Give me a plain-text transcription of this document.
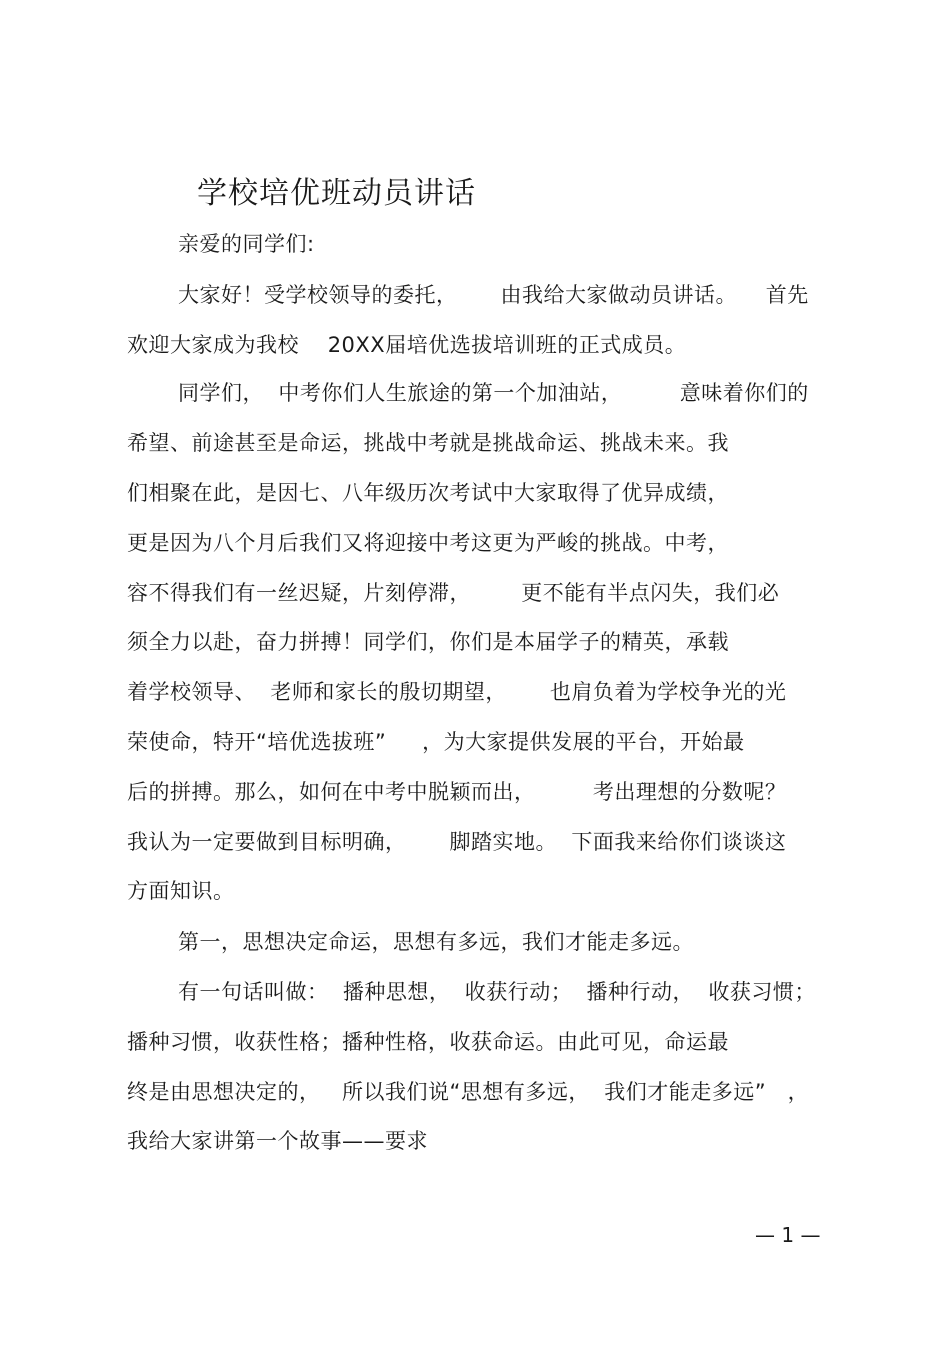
学校培优班动员讲话
亲爱的同学们:
大家好！受学校领导的委托，      由我给大家做动员讲话。    首先
欢迎大家成为我校    20XX届培优选拔培训班的正式成员。
同学们，  中考你们人生旅途的第一个加油站，        意味着你们的
希望、前途甚至是命运，挑战中考就是挑战命运、挑战未来。我
们相聚在此，是因七、八年级历次考试中大家取得了优异成绩，
更是因为八个月后我们又将迎接中考这更为严峻的挑战。中考，
容不得我们有一丝迟疑，片刻停滞，       更不能有半点闪失，我们必
须全力以赴，奋力拼搏！同学们，你们是本届学子的精英，承载
着学校领导、  老师和家长的殷切期望，      也肩负着为学校争光的光
荣使命，特开“培优选拔班”     ，为大家提供发展的平台，开始最
后的拼搏。那么，如何在中考中脱颖而出，        考出理想的分数呢？
我认为一定要做到目标明确，      脚踏实地。  下面我来给你们谈谈这
方面知识。
第一，思想决定命运，思想有多远，我们才能走多远。
有一句话叫做：  播种思想，  收获行动；  播种行动，  收获习惯；
播种习惯，收获性格；播种性格，收获命运。由此可见，命运最
终是由思想决定的，   所以我们说“思想有多远，  我们才能走多远”   ，
我给大家讲第一个故事——要求
— 1 —
